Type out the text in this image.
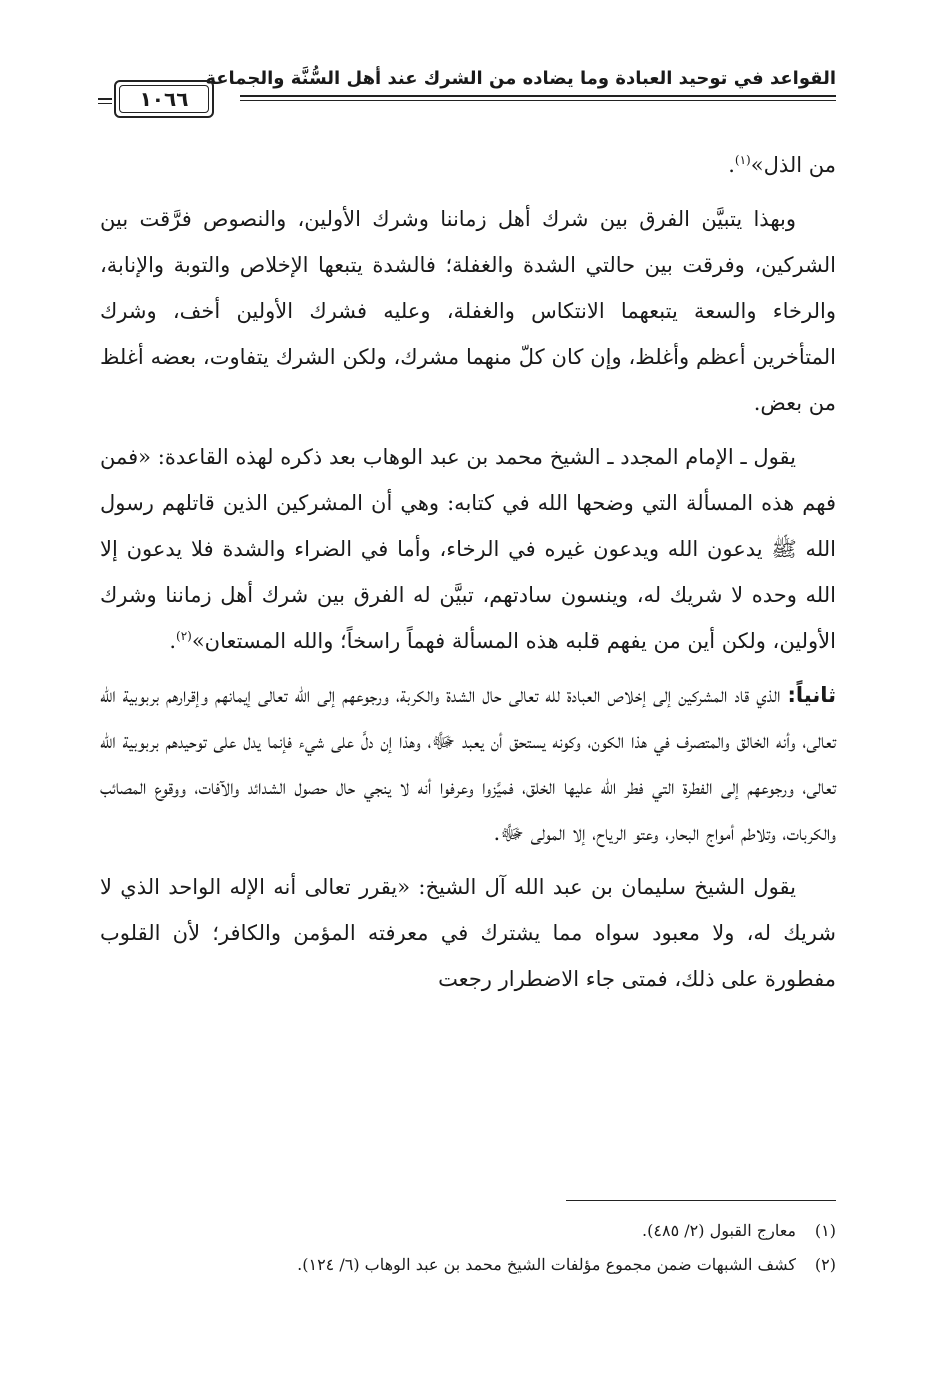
القواعد في توحيد العبادة وما يضاده من الشرك عند أهل السُّنَّة والجماعة
١٠٦٦

من الذل»$^{(١)}$.

وبهذا يتبيَّن الفرق بين شرك أهل زماننا وشرك الأولين، والنصوص فرَّقت بين الشركين، وفرقت بين حالتي الشدة والغفلة؛ فالشدة يتبعها الإخلاص والتوبة والإنابة، والرخاء والسعة يتبعهما الانتكاس والغفلة، وعليه فشرك الأولين أخف، وشرك المتأخرين أعظم وأغلظ، وإن كان كلّ منهما مشرك، ولكن الشرك يتفاوت، بعضه أغلظ من بعض.

يقول ـ الإمام المجدد ـ الشيخ محمد بن عبد الوهاب بعد ذكره لهذه القاعدة: «فمن فهم هذه المسألة التي وضحها الله في كتابه: وهي أن المشركين الذين قاتلهم رسول الله ﷺ يدعون الله ويدعون غيره في الرخاء، وأما في الضراء والشدة فلا يدعون إلا الله وحده لا شريك له، وينسون سادتهم، تبيَّن له الفرق بين شرك أهل زماننا وشرك الأولين، ولكن أين من يفهم قلبه هذه المسألة فهماً راسخاً؛ والله المستعان»$^{(٢)}$.

ثانياً: الذي قاد المشركين إلى إخلاص العبادة لله تعالى حال الشدة والكربة، ورجوعهم إلى الله تعالى إيمانهم وإقرارهم بربوبية الله تعالى، وأنه الخالق والمتصرف في هذا الكون، وكونه يستحق أن يعبد ﷻ، وهذا إن دلَّ على شيء فإنما يدل على توحيدهم بربوبية الله تعالى، ورجوعهم إلى الفطرة التي فطر الله عليها الخلق، فميَّزوا وعرفوا أنه لا ينجي حال حصول الشدائد والآفات، ووقوع المصائب والكربات، وتلاطم أمواج البحار، وعتو الرياح، إلا المولى ﷻ.

يقول الشيخ سليمان بن عبد الله آل الشيخ: «يقرر تعالى أنه الإله الواحد الذي لا شريك له، ولا معبود سواه مما يشترك في معرفته المؤمن والكافر؛ لأن القلوب مفطورة على ذلك، فمتى جاء الاضطرار رجعت

(١)معارج القبول (٢/ ٤٨٥).
(٢)كشف الشبهات ضمن مجموع مؤلفات الشيخ محمد بن عبد الوهاب (٦/ ١٢٤).
